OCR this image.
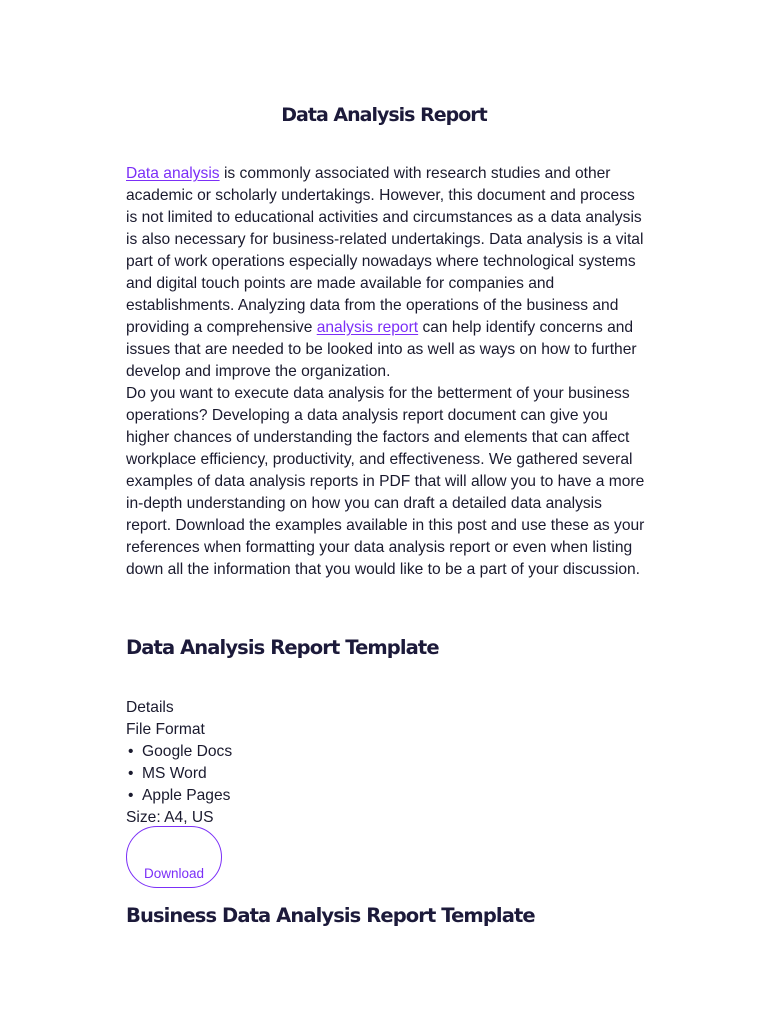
Data Analysis Report

Data analysis is commonly associated with research studies and other academic or scholarly undertakings. However, this document and process is not limited to educational activities and circumstances as a data analysis is also necessary for business-related undertakings. Data analysis is a vital part of work operations especially nowadays where technological systems and digital touch points are made available for companies and establishments. Analyzing data from the operations of the business and providing a comprehensive analysis report can help identify concerns and issues that are needed to be looked into as well as ways on how to further develop and improve the organization.

Do you want to execute data analysis for the betterment of your business operations? Developing a data analysis report document can give you higher chances of understanding the factors and elements that can affect workplace efficiency, productivity, and effectiveness. We gathered several examples of data analysis reports in PDF that will allow you to have a more in-depth understanding on how you can draft a detailed data analysis report. Download the examples available in this post and use these as your references when formatting your data analysis report or even when listing down all the information that you would like to be a part of your discussion.

Data Analysis Report Template
Details
File Format
• Google Docs
• MS Word
• Apple Pages
Size: A4, US
Download
Business Data Analysis Report Template
